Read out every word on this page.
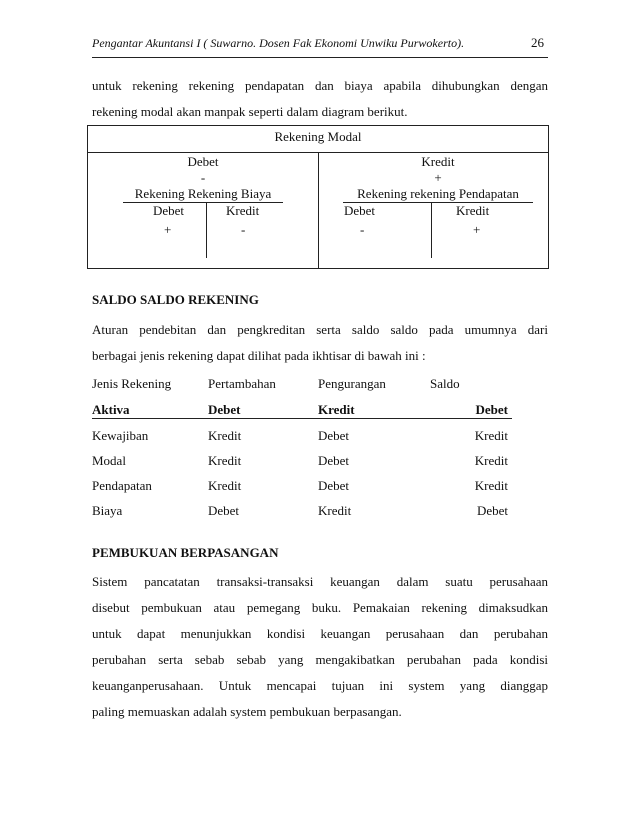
Pengantar Akuntansi I ( Suwarno. Dosen Fak Ekonomi Unwiku Purwokerto).	26
untuk rekening rekening pendapatan dan biaya apabila dihubungkan dengan
rekening modal akan manpak seperti dalam diagram berikut.
Rekening Modal
Debet
-
Rekening Rekening Biaya
Debet	Kredit
+	-
Kredit
+
Rekening rekening Pendapatan
Debet	Kredit
-	+
SALDO SALDO REKENING
Aturan pendebitan dan pengkreditan serta saldo saldo pada umumnya dari
berbagai jenis rekening dapat dilihat pada ikhtisar di bawah ini :
Jenis Rekening	Pertambahan	Pengurangan	Saldo
Aktiva	Debet	Kredit	Debet
Kewajiban	Kredit	Debet	Kredit
Modal	Kredit	Debet	Kredit
Pendapatan	Kredit	Debet	Kredit
Biaya	Debet	Kredit	Debet
PEMBUKUAN BERPASANGAN
Sistem pancatatan transaksi-transaksi keuangan dalam suatu perusahaan
disebut pembukuan atau pemegang buku. Pemakaian rekening dimaksudkan
untuk dapat menunjukkan kondisi keuangan perusahaan dan perubahan
perubahan serta sebab sebab yang mengakibatkan perubahan pada kondisi
keuanganperusahaan. Untuk mencapai tujuan ini system yang dianggap
paling memuaskan adalah system pembukuan berpasangan.
